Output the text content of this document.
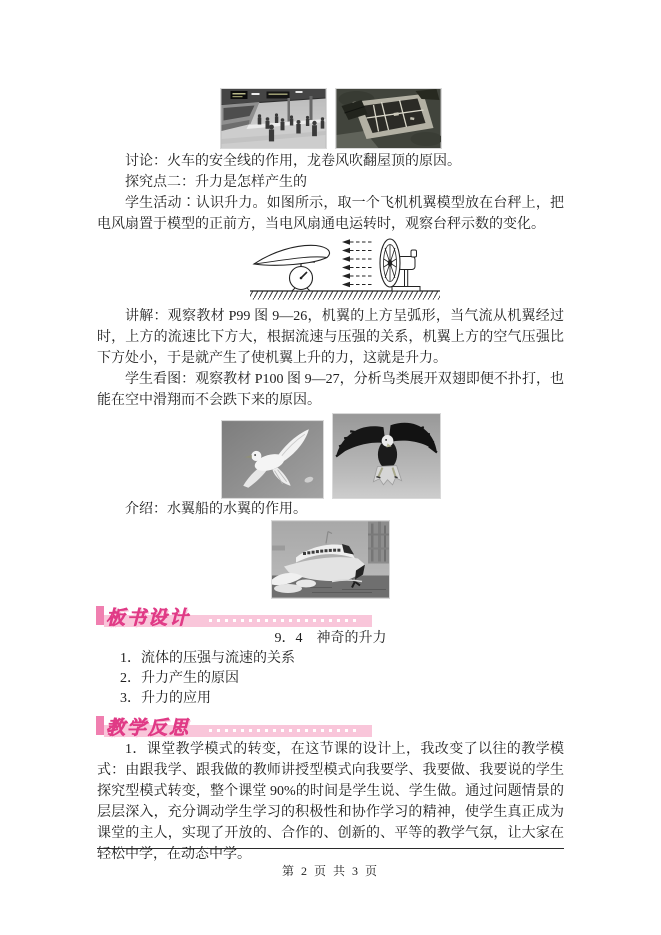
讨论：火车的安全线的作用，龙卷风吹翻屋顶的原因。

探究点二：升力是怎样产生的

学生活动∶认识升力。如图所示，取一个飞机机翼模型放在台秤上，把电风扇置于模型的正前方，当电风扇通电运转时，观察台秤示数的变化。

讲解：观察教材 P99 图 9—26，机翼的上方呈弧形，当气流从机翼经过时，上方的流速比下方大，根据流速与压强的关系，机翼上方的空气压强比下方处小，于是就产生了使机翼上升的力，这就是升力。

学生看图：观察教材 P100 图 9—27，分析鸟类展开双翅即便不扑打，也能在空中滑翔而不会跌下来的原因。

介绍：水翼船的水翼的作用。

板书设计

9．4　神奇的升力

1．流体的压强与流速的关系

2．升力产生的原因

3．升力的应用

教学反思

1．课堂教学模式的转变，在这节课的设计上，我改变了以往的教学模式：由跟我学、跟我做的教师讲授型模式向我要学、我要做、我要说的学生探究型模式转变，整个课堂 90%的时间是学生说、学生做。通过问题情景的层层深入，充分调动学生学习的积极性和协作学习的精神，使学生真正成为课堂的主人，实现了开放的、合作的、创新的、平等的教学气氛，让大家在轻松中学，在动态中学。

第 2 页 共 3 页
